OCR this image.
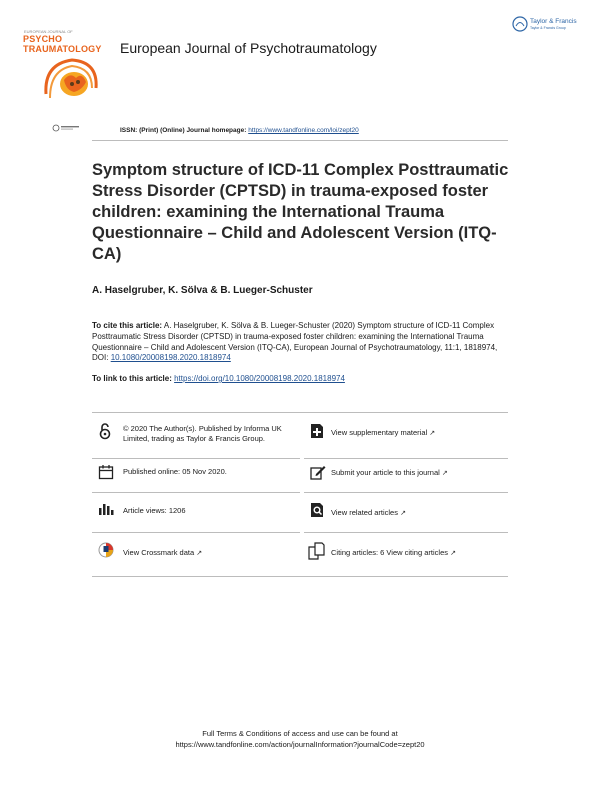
EUROPEAN JOURNAL OF
PSYCHO
TRAUMATOLOGY European Journal of Psychotraumatology
Taylor & Francis
Taylor & Francis Group
ISSN: (Print) (Online) Journal homepage: https://www.tandfonline.com/loi/zept20
Symptom structure of ICD-11 Complex Posttraumatic Stress Disorder (CPTSD) in trauma-exposed foster children: examining the International Trauma Questionnaire – Child and Adolescent Version (ITQ-CA)
A. Haselgruber, K. Sölva & B. Lueger-Schuster
To cite this article: A. Haselgruber, K. Sölva & B. Lueger-Schuster (2020) Symptom structure of ICD-11 Complex Posttraumatic Stress Disorder (CPTSD) in trauma-exposed foster children: examining the International Trauma Questionnaire – Child and Adolescent Version (ITQ-CA), European Journal of Psychotraumatology, 11:1, 1818974, DOI: 10.1080/20008198.2020.1818974
To link to this article: https://doi.org/10.1080/20008198.2020.1818974
© 2020 The Author(s). Published by Informa UK Limited, trading as Taylor & Francis Group.
Published online: 05 Nov 2020.
Article views: 1206
View Crossmark data ↗
View supplementary material ↗
Submit your article to this journal ↗
View related articles ↗
Citing articles: 6 View citing articles ↗
Full Terms & Conditions of access and use can be found at
https://www.tandfonline.com/action/journalInformation?journalCode=zept20
